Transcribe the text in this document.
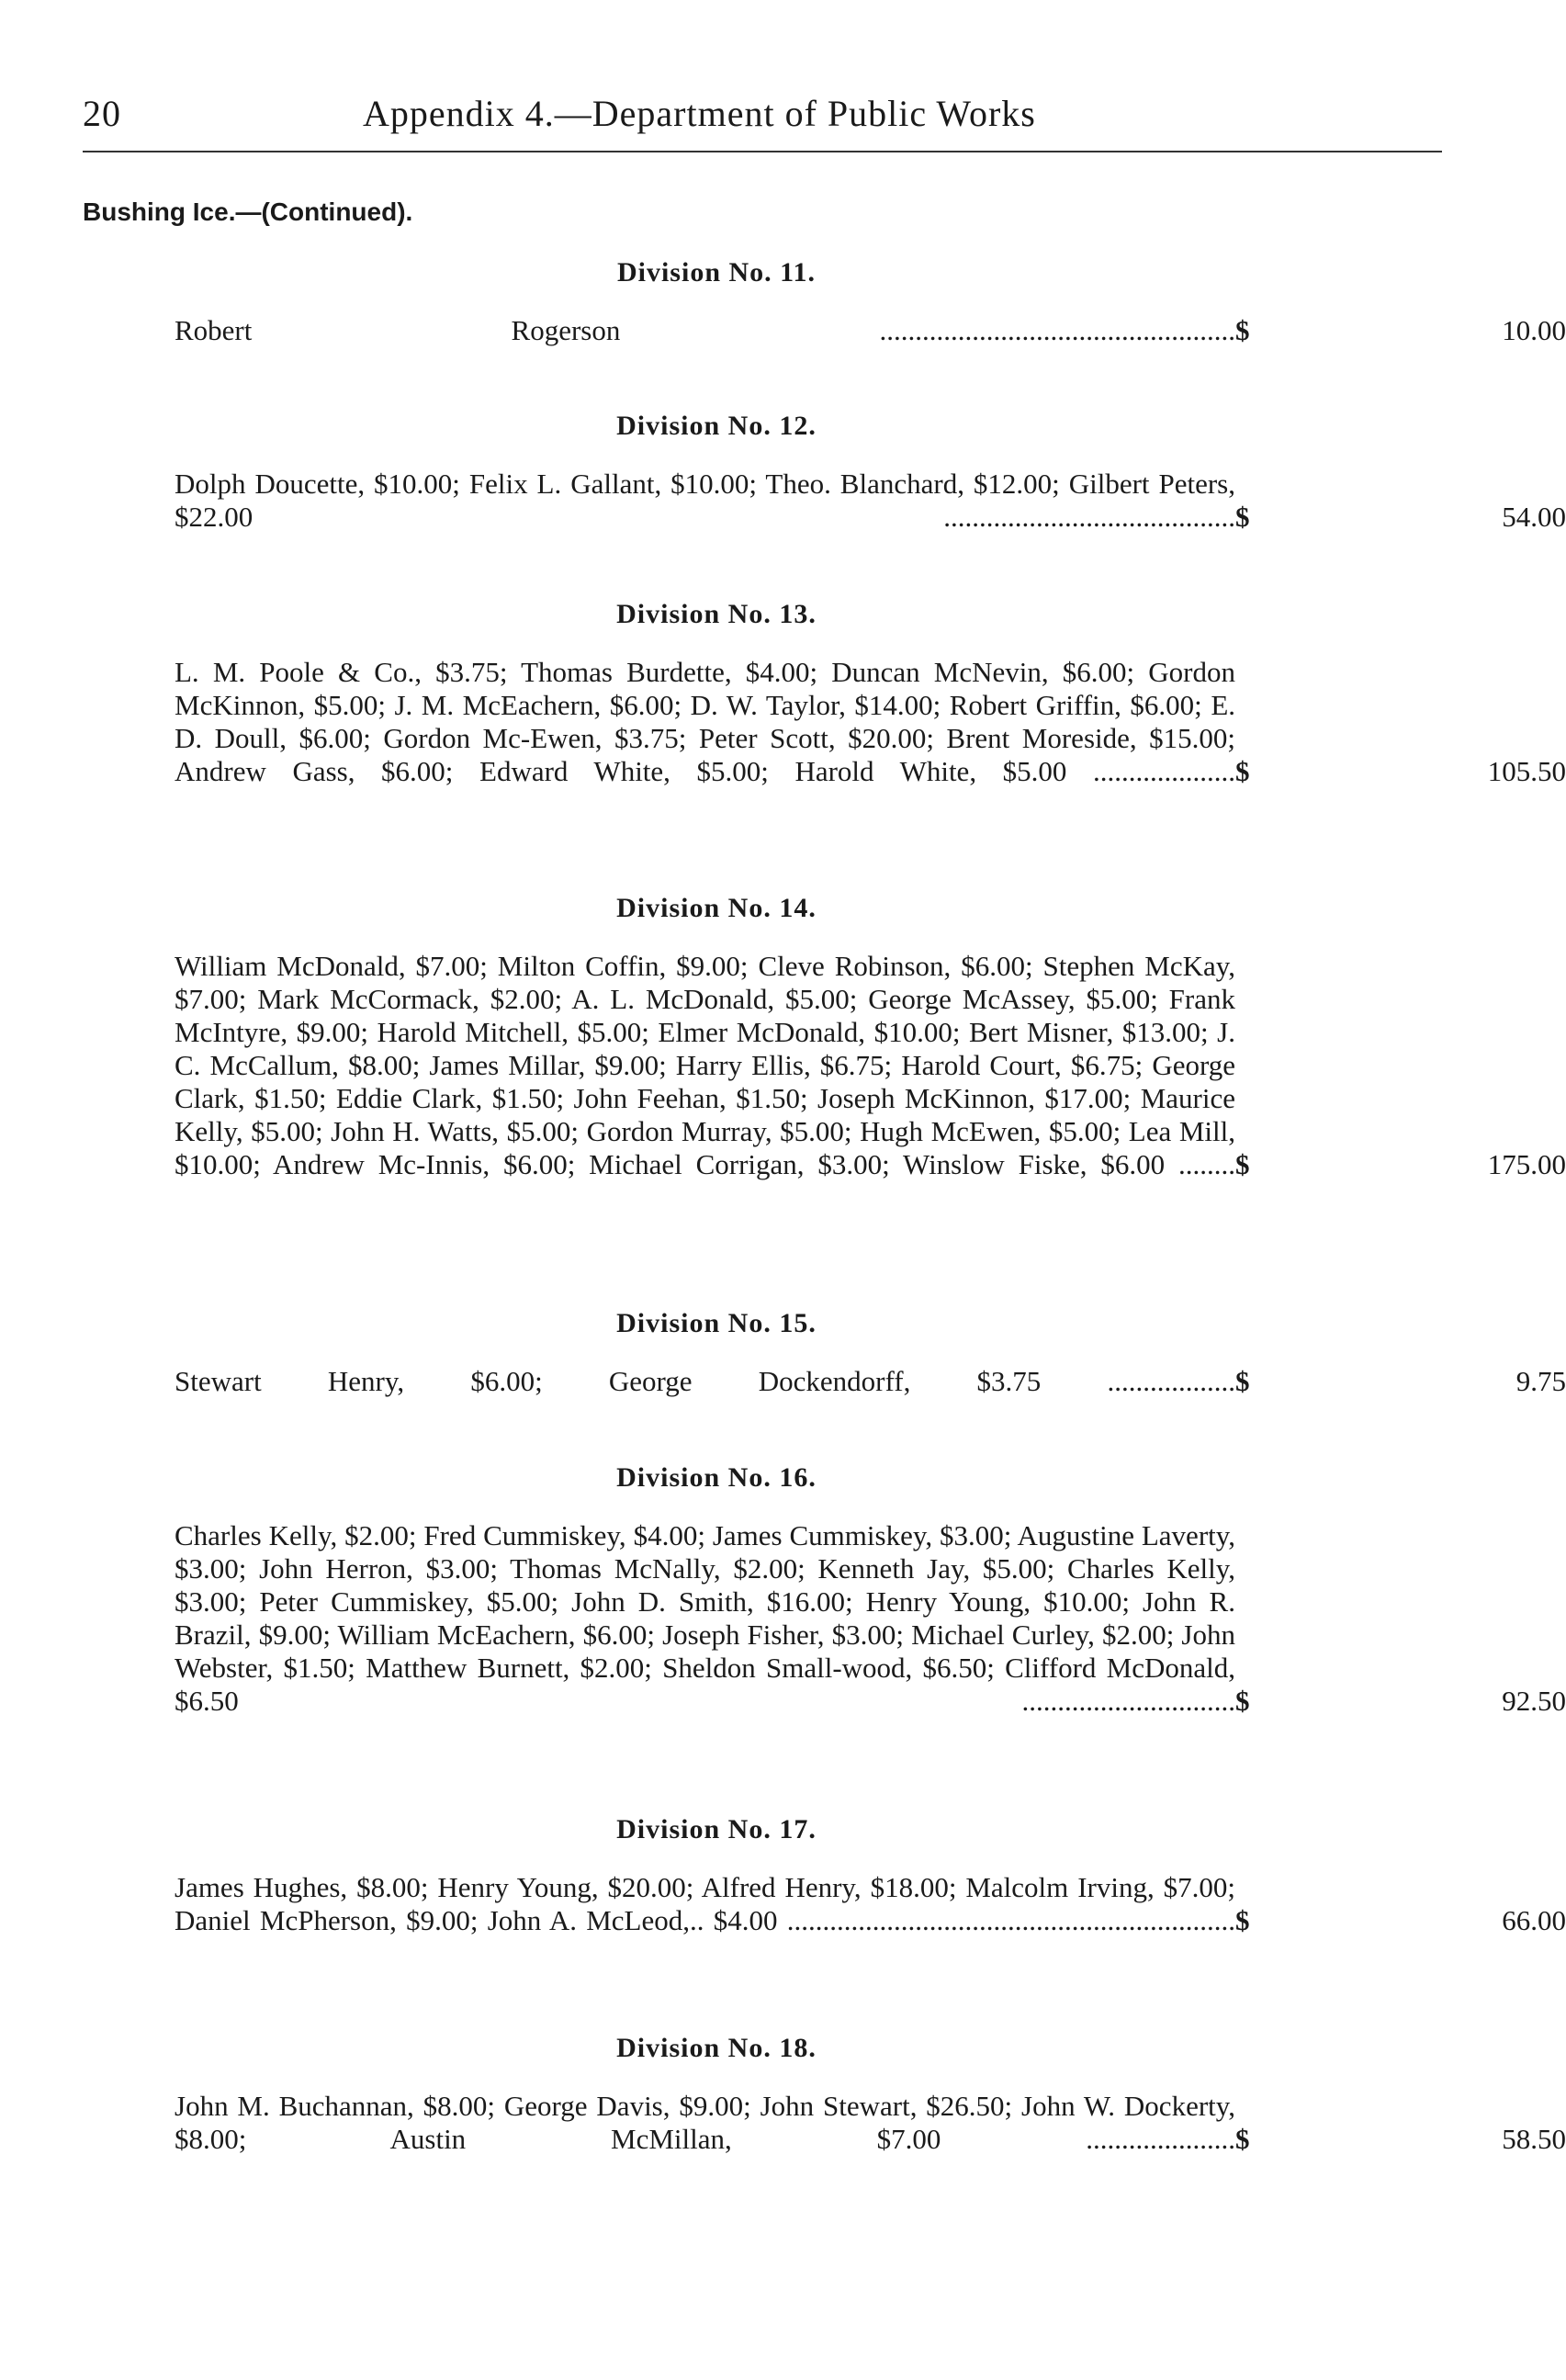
20	Appendix 4.—Department of Public Works
Bushing Ice.—(Continued).
Division No. 11.
Robert Rogerson .................................................. $	10.00
Division No. 12.
Dolph Doucette, $10.00; Felix L. Gallant, $10.00; Theo. Blanchard, $12.00; Gilbert Peters, $22.00 ......................................... $	54.00
Division No. 13.
L. M. Poole & Co., $3.75; Thomas Burdette, $4.00; Duncan McNevin, $6.00; Gordon McKinnon, $5.00; J. M. McEachern, $6.00; D. W. Taylor, $14.00; Robert Griffin, $6.00; E. D. Doull, $6.00; Gordon Mc-Ewen, $3.75; Peter Scott, $20.00; Brent Moreside, $15.00; Andrew Gass, $6.00; Edward White, $5.00; Harold White, $5.00 .................... $	105.50
Division No. 14.
William McDonald, $7.00; Milton Coffin, $9.00; Cleve Robinson, $6.00; Stephen McKay, $7.00; Mark McCormack, $2.00; A. L. McDonald, $5.00; George McAssey, $5.00; Frank McIntyre, $9.00; Harold Mitchell, $5.00; Elmer McDonald, $10.00; Bert Misner, $13.00; J. C. McCallum, $8.00; James Millar, $9.00; Harry Ellis, $6.75; Harold Court, $6.75; George Clark, $1.50; Eddie Clark, $1.50; John Feehan, $1.50; Joseph McKinnon, $17.00; Maurice Kelly, $5.00; John H. Watts, $5.00; Gordon Murray, $5.00; Hugh McEwen, $5.00; Lea Mill, $10.00; Andrew Mc-Innis, $6.00; Michael Corrigan, $3.00; Winslow Fiske, $6.00 ........ $	175.00
Division No. 15.
Stewart Henry, $6.00; George Dockendorff, $3.75 .................. $	9.75
Division No. 16.
Charles Kelly, $2.00; Fred Cummiskey, $4.00; James Cummiskey, $3.00; Augustine Laverty, $3.00; John Herron, $3.00; Thomas McNally, $2.00; Kenneth Jay, $5.00; Charles Kelly, $3.00; Peter Cummiskey, $5.00; John D. Smith, $16.00; Henry Young, $10.00; John R. Brazil, $9.00; William McEachern, $6.00; Joseph Fisher, $3.00; Michael Curley, $2.00; John Webster, $1.50; Matthew Burnett, $2.00; Sheldon Small-wood, $6.50; Clifford McDonald, $6.50 .............................. $	92.50
Division No. 17.
James Hughes, $8.00; Henry Young, $20.00; Alfred Henry, $18.00; Malcolm Irving, $7.00; Daniel McPherson, $9.00; John A. McLeod,.. $4.00 ............................................................... $	66.00
Division No. 18.
John M. Buchannan, $8.00; George Davis, $9.00; John Stewart, $26.50; John W. Dockerty, $8.00; Austin McMillan, $7.00 ..................... $	58.50
